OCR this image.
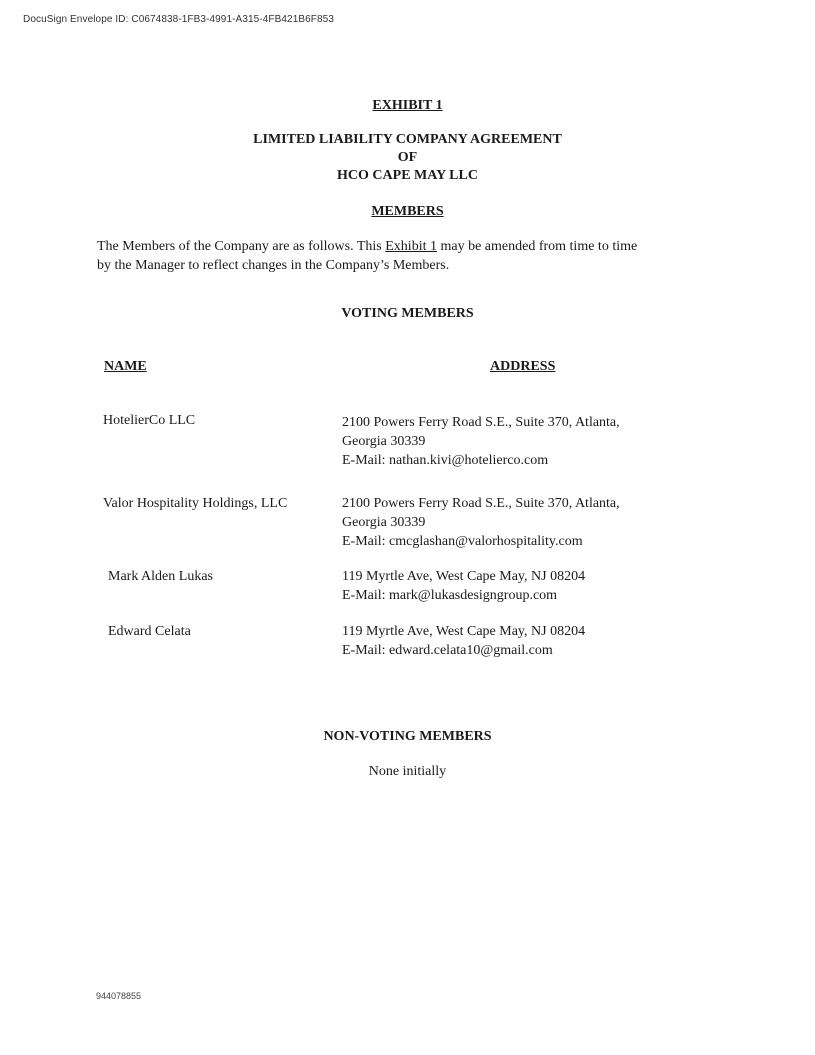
DocuSign Envelope ID: C0674838-1FB3-4991-A315-4FB421B6F853
EXHIBIT 1
LIMITED LIABILITY COMPANY AGREEMENT
OF
HCO CAPE MAY LLC
MEMBERS
The Members of the Company are as follows. This Exhibit 1 may be amended from time to time
by the Manager to reflect changes in the Company’s Members.
VOTING MEMBERS
NAME	ADDRESS
HotelierCo LLC	2100 Powers Ferry Road S.E., Suite 370, Atlanta,
Georgia 30339
E-Mail: nathan.kivi@hotelierco.com
Valor Hospitality Holdings, LLC	2100 Powers Ferry Road S.E., Suite 370, Atlanta,
Georgia 30339
E-Mail: cmcglashan@valorhospitality.com
Mark Alden Lukas	119 Myrtle Ave, West Cape May, NJ 08204
E-Mail: mark@lukasdesigngroup.com
Edward Celata	119 Myrtle Ave, West Cape May, NJ 08204
E-Mail: edward.celata10@gmail.com
NON-VOTING MEMBERS
None initially
944078855
